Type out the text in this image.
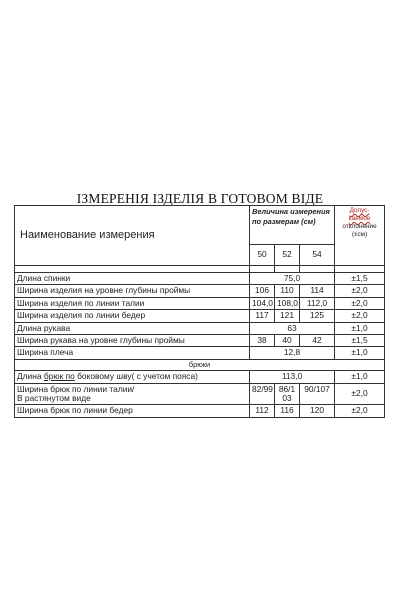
ІЗМЕРЕНІЯ ІЗДЕЛІЯ В ГОТОВОМ ВІДЕ
Наименование измерения	Величина измерения по размерам (см)			Допус-
каемое
отклонение
(±см)
	50	52	54	

Длина спинки	75,0			±1,5
Ширина изделия на уровне глубины проймы	106	110	114	±2,0
Ширина изделия по линии талии	104,0	108,0	112,0	±2,0
Ширина изделия по линии бедер	117	121	125	±2,0
Длина рукава	63			±1,0
Ширина рукава на уровне глубины проймы	38	40	42	±1,5
Ширина плеча	12,8			±1,0
брюки				
Длина брюк по боковому шву( с учетом пояса)	113,0			±1,0
Ширина брюк по линии талии/
В растянутом виде	82/99	86/103	90/107	±2,0
Ширина брюк по линии бедер	112	116	120	±2,0
